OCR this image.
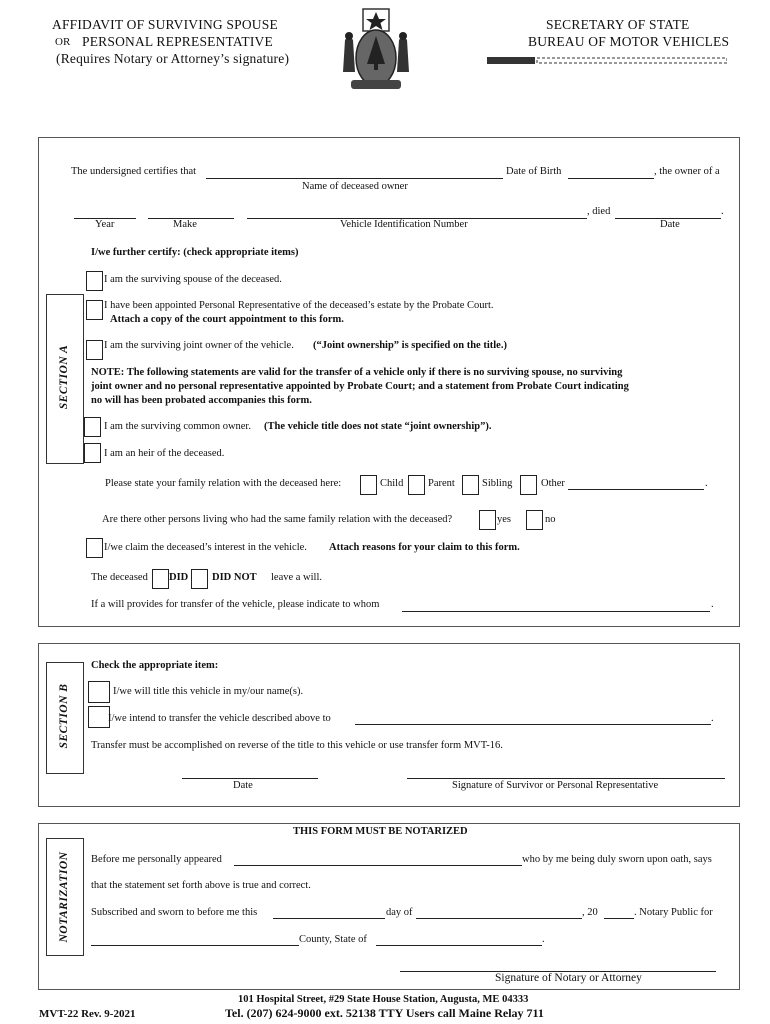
AFFIDAVIT OF SURVIVING SPOUSE
OR PERSONAL REPRESENTATIVE
(Requires Notary or Attorney’s signature)
SECRETARY OF STATE
BUREAU OF MOTOR VEHICLES
The undersigned certifies that	Date of Birth	, the owner of a
Name of deceased owner
, died	.
Year	Make	Vehicle Identification Number	Date
SECTION A
I/we further certify: (check appropriate items)
I am the surviving spouse of the deceased.
I have been appointed Personal Representative of the deceased’s estate by the Probate Court.
Attach a copy of the court appointment to this form.
I am the surviving joint owner of the vehicle. (“Joint ownership” is specified on the title.)
NOTE: The following statements are valid for the transfer of a vehicle only if there is no surviving spouse, no surviving
joint owner and no personal representative appointed by Probate Court; and a statement from Probate Court indicating
no will has been probated accompanies this form.
I am the surviving common owner. (The vehicle title does not state “joint ownership”).
I am an heir of the deceased.
Please state your family relation with the deceased here:	Child Parent	Sibling	Other	.
Are there other persons living who had the same family relation with the deceased?	yes	no
I/we claim the deceased’s interest in the vehicle. Attach reasons for your claim to this form.
The deceased DID DID NOT leave a will.
If a will provides for transfer of the vehicle, please indicate to whom	.
SECTION B
Check the appropriate item:
I/we will title this vehicle in my/our name(s).
I/we intend to transfer the vehicle described above to	.
Transfer must be accomplished on reverse of the title to this vehicle or use transfer form MVT-16.
Date	Signature of Survivor or Personal Representative
NOTARIZATION
THIS FORM MUST BE NOTARIZED
Before me personally appeared	who by me being duly sworn upon oath, says
that the statement set forth above is true and correct.
Subscribed and sworn to before me this	day of	, 20	. Notary Public for
County, State of	.
Signature of Notary or Attorney
101 Hospital Street, #29 State House Station, Augusta, ME 04333
MVT-22 Rev. 9-2021	Tel. (207) 624-9000 ext. 52138 TTY Users call Maine Relay 711
